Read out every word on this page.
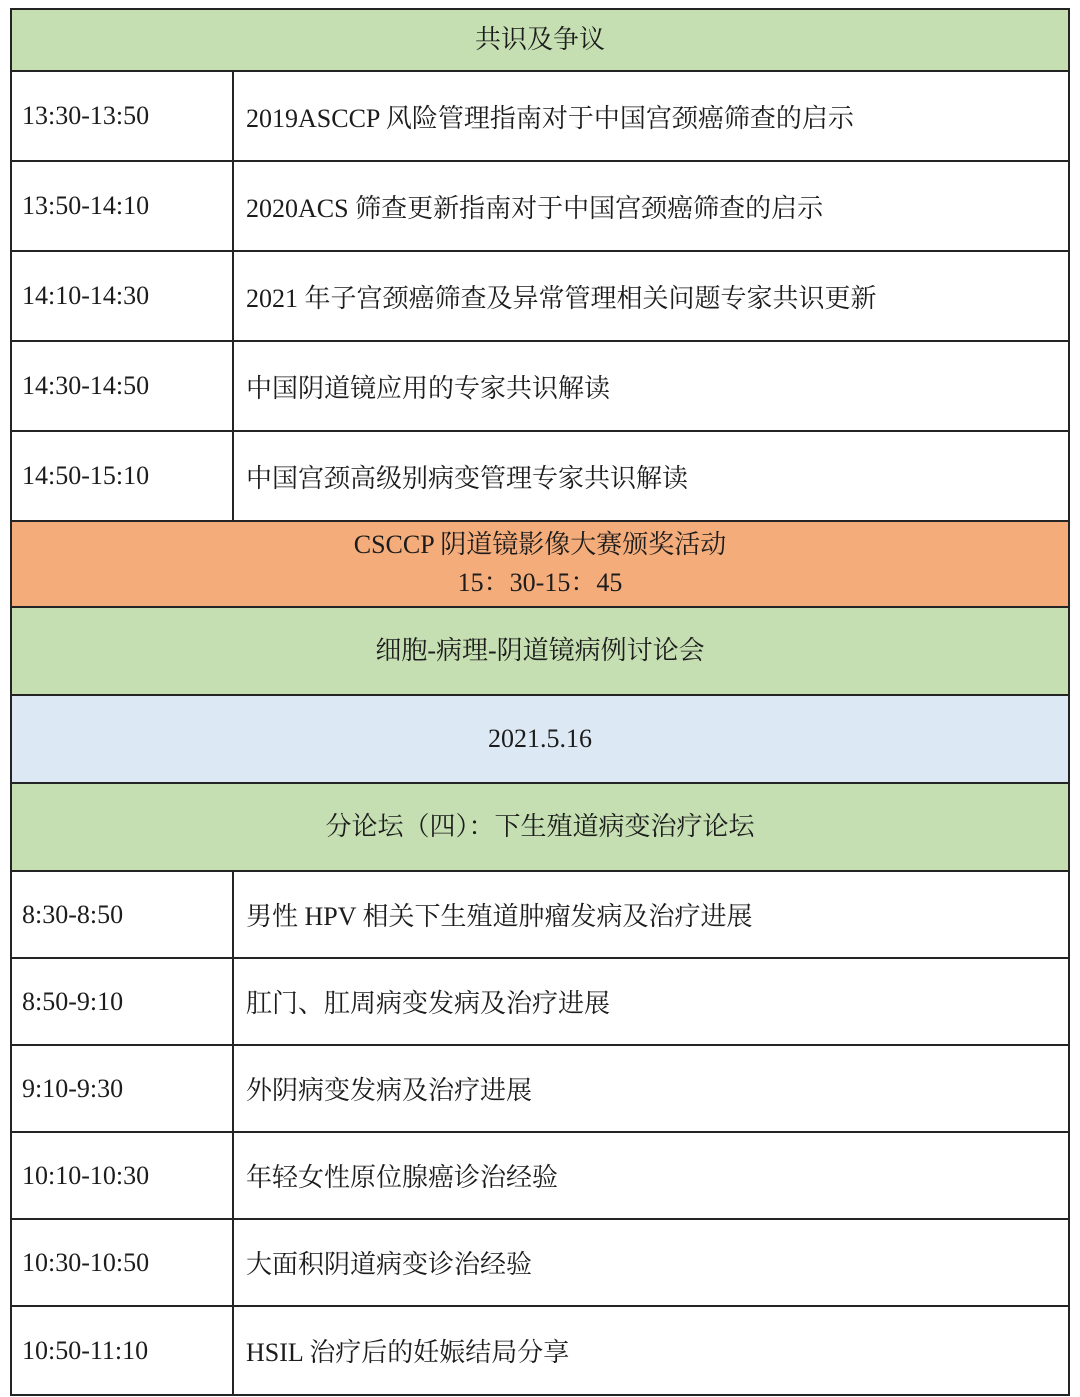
共识及争议
13:30-13:50	2019ASCCP 风险管理指南对于中国宫颈癌筛查的启示
13:50-14:10	2020ACS 筛查更新指南对于中国宫颈癌筛查的启示
14:10-14:30	2021 年子宫颈癌筛查及异常管理相关问题专家共识更新
14:30-14:50	中国阴道镜应用的专家共识解读
14:50-15:10	中国宫颈高级别病变管理专家共识解读
CSCCP 阴道镜影像大赛颁奖活动
15：30-15：45
细胞-病理-阴道镜病例讨论会
2021.5.16
分论坛（四）：下生殖道病变治疗论坛
8:30-8:50	男性 HPV 相关下生殖道肿瘤发病及治疗进展
8:50-9:10	肛门、肛周病变发病及治疗进展
9:10-9:30	外阴病变发病及治疗进展
10:10-10:30	年轻女性原位腺癌诊治经验
10:30-10:50	大面积阴道病变诊治经验
10:50-11:10	HSIL 治疗后的妊娠结局分享
